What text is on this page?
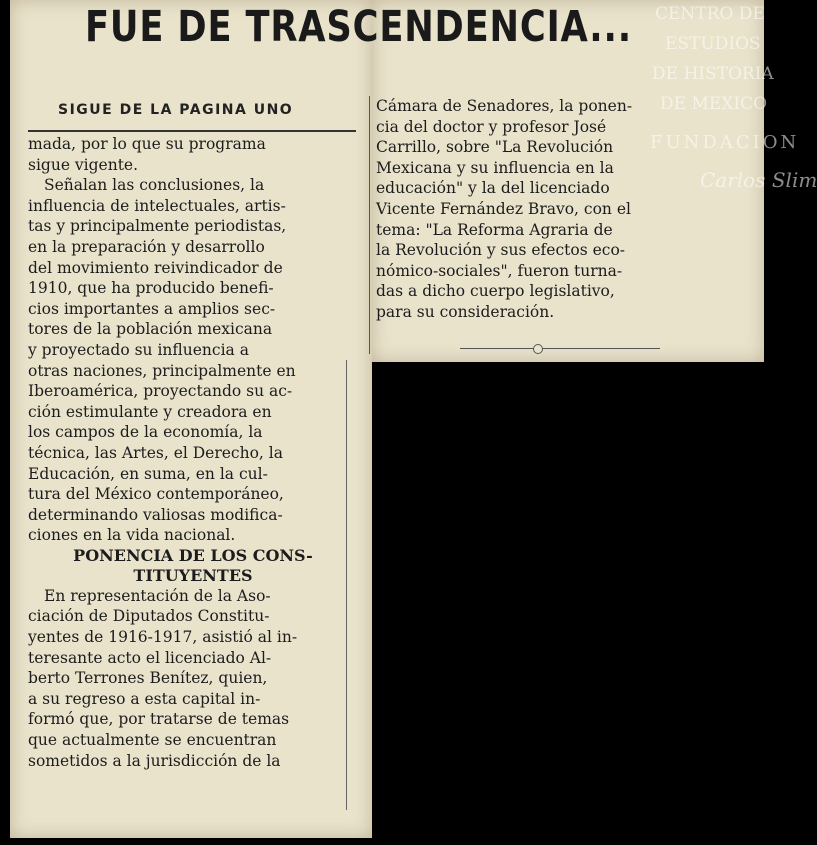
FUE DE TRASCENDENCIA...
SIGUE DE LA PAGINA UNO
mada, por lo que su programa
sigue vigente.
Señalan las conclusiones, la
influencia de intelectuales, artis-
tas y principalmente periodistas,
en la preparación y desarrollo
del movimiento reivindicador de
1910, que ha producido benefi-
cios importantes a amplios sec-
tores de la población mexicana
y proyectado su influencia a
otras naciones, principalmente en
Iberoamérica, proyectando su ac-
ción estimulante y creadora en
los campos de la economía, la
técnica, las Artes, el Derecho, la
Educación, en suma, en la cul-
tura del México contemporáneo,
determinando valiosas modifica-
ciones en la vida nacional.
PONENCIA DE LOS CONS-
TITUYENTES
En representación de la Aso-
ciación de Diputados Constitu-
yentes de 1916-1917, asistió al in-
teresante acto el licenciado Al-
berto Terrones Benítez, quien,
a su regreso a esta capital in-
formó que, por tratarse de temas
que actualmente se encuentran
sometidos a la jurisdicción de la
Cámara de Senadores, la ponen-
cia del doctor y profesor José
Carrillo, sobre "La Revolución
Mexicana y su influencia en la
educación" y la del licenciado
Vicente Fernández Bravo, con el
tema: "La Reforma Agraria de
la Revolución y sus efectos eco-
nómico-sociales", fueron turna-
das a dicho cuerpo legislativo,
para su consideración.
CENTRO DE
ESTUDIOS
DE HISTORIA
DE MEXICO
FUNDACION
Carlos Slim
